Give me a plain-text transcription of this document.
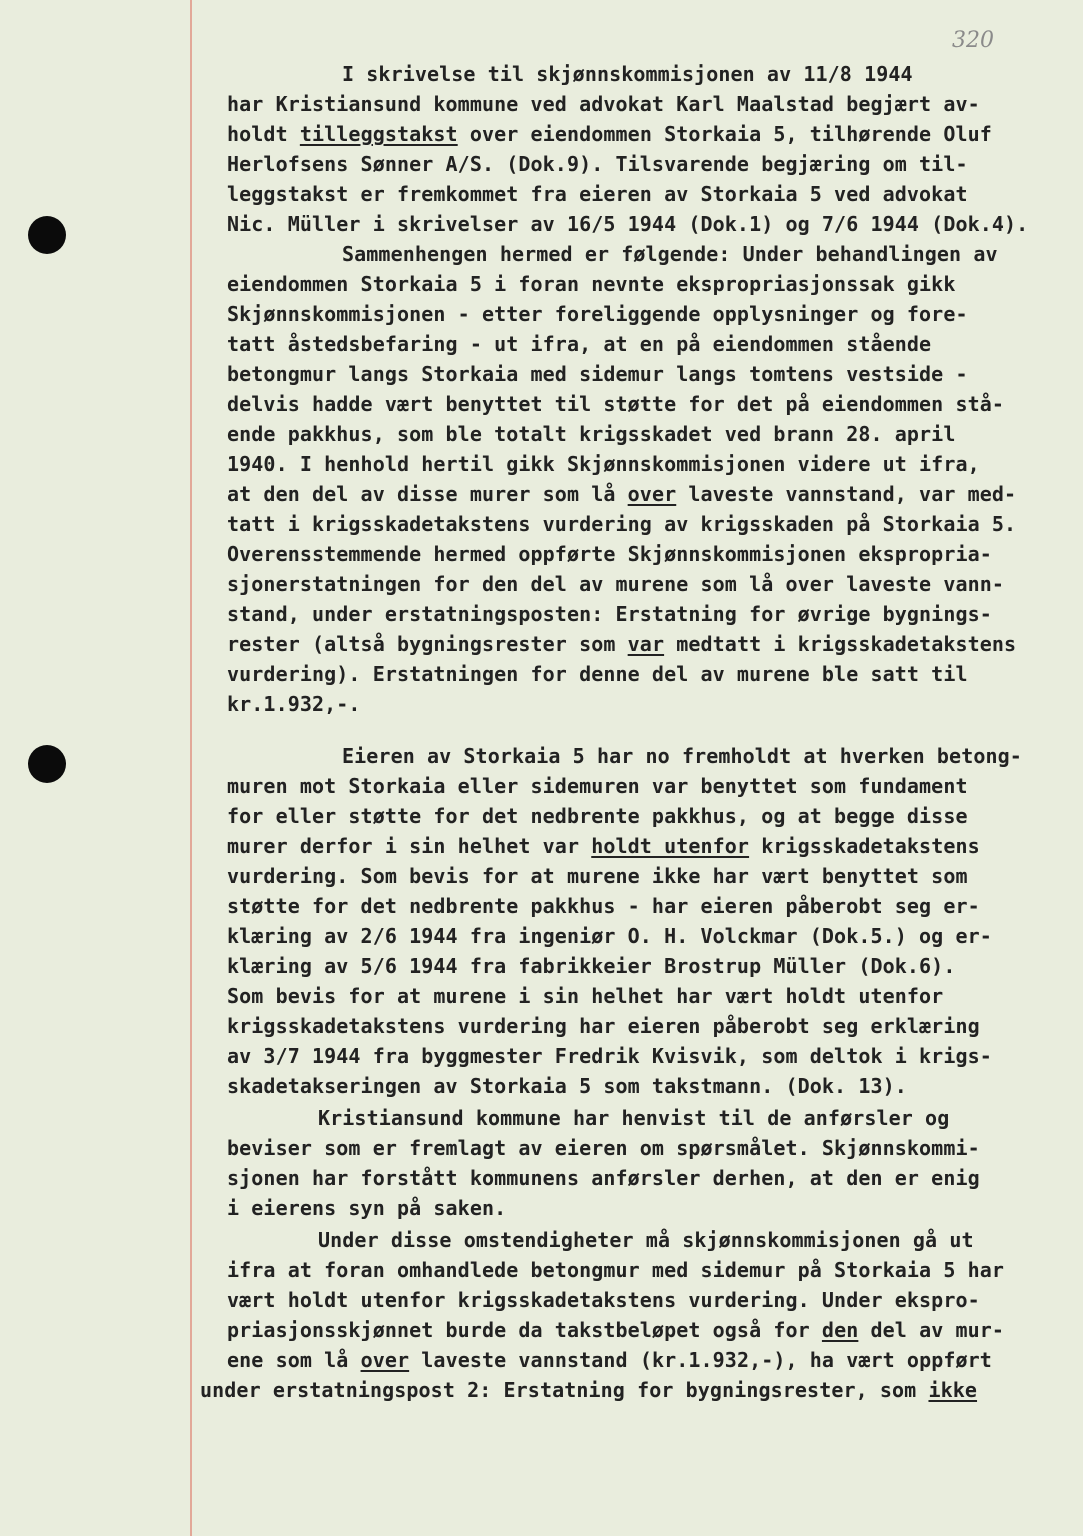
320
I skrivelse til skjønnskommisjonen av 11/8 1944
har Kristiansund kommune ved advokat Karl Maalstad begjært av-
holdt tilleggstakst over eiendommen Storkaia 5, tilhørende Oluf
Herlofsens Sønner A/S. (Dok.9). Tilsvarende begjæring om til-
leggstakst er fremkommet fra eieren av Storkaia 5 ved advokat
Nic. Müller i skrivelser av 16/5 1944 (Dok.1) og 7/6 1944 (Dok.4).
Sammenhengen hermed er følgende: Under behandlingen av
eiendommen Storkaia 5 i foran nevnte ekspropriasjonssak gikk
Skjønnskommisjonen - etter foreliggende opplysninger og fore-
tatt åstedsbefaring - ut ifra, at en på eiendommen stående
betongmur langs Storkaia med sidemur langs tomtens vestside -
delvis hadde vært benyttet til støtte for det på eiendommen stå-
ende pakkhus, som ble totalt krigsskadet ved brann 28. april
1940. I henhold hertil gikk Skjønnskommisjonen videre ut ifra,
at den del av disse murer som lå over laveste vannstand, var med-
tatt i krigsskadetakstens vurdering av krigsskaden på Storkaia 5.
Overensstemmende hermed oppførte Skjønnskommisjonen ekspropria-
sjonerstatningen for den del av murene som lå over laveste vann-
stand, under erstatningsposten: Erstatning for øvrige bygnings-
rester (altså bygningsrester som var medtatt i krigsskadetakstens
vurdering). Erstatningen for denne del av murene ble satt til
kr.1.932,-.
Eieren av Storkaia 5 har no fremholdt at hverken betong-
muren mot Storkaia eller sidemuren var benyttet som fundament
for eller støtte for det nedbrente pakkhus, og at begge disse
murer derfor i sin helhet var holdt utenfor krigsskadetakstens
vurdering. Som bevis for at murene ikke har vært benyttet som
støtte for det nedbrente pakkhus - har eieren påberobt seg er-
klæring av 2/6 1944 fra ingeniør O. H. Volckmar (Dok.5.) og er-
klæring av 5/6 1944 fra fabrikkeier Brostrup Müller (Dok.6).
Som bevis for at murene i sin helhet har vært holdt utenfor
krigsskadetakstens vurdering har eieren påberobt seg erklæring
av 3/7 1944 fra byggmester Fredrik Kvisvik, som deltok i krigs-
skadetakseringen av Storkaia 5 som takstmann. (Dok. 13).
Kristiansund kommune har henvist til de anførsler og
beviser som er fremlagt av eieren om spørsmålet. Skjønnskommi-
sjonen har forstått kommunens anførsler derhen, at den er enig
i eierens syn på saken.
Under disse omstendigheter må skjønnskommisjonen gå ut
ifra at foran omhandlede betongmur med sidemur på Storkaia 5 har
vært holdt utenfor krigsskadetakstens vurdering. Under ekspro-
priasjonsskjønnet burde da takstbeløpet også for den del av mur-
ene som lå over laveste vannstand (kr.1.932,-), ha vært oppført
under erstatningspost 2: Erstatning for bygningsrester, som ikke
